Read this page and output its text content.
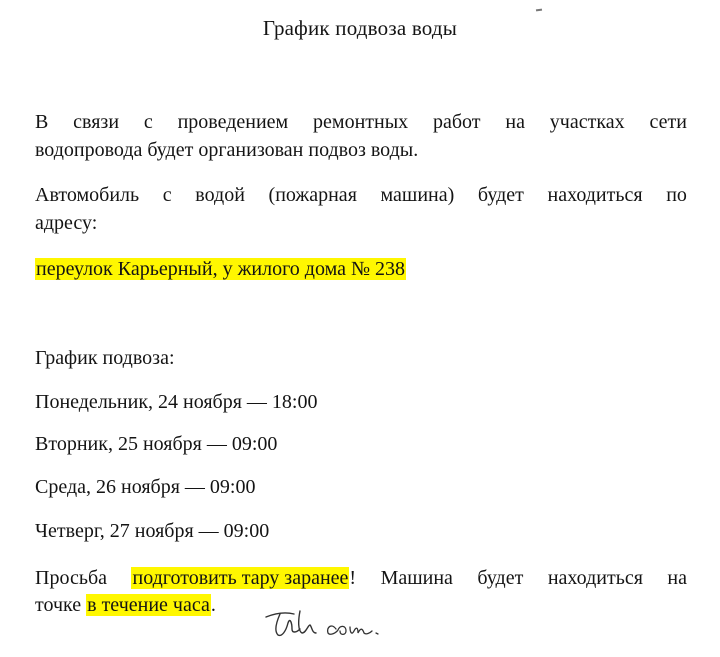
График подвоза воды
В связи с проведением ремонтных работ на участках сети
водопровода будет организован подвоз воды.
Автомобиль с водой (пожарная машина) будет находиться по
адресу:
переулок Карьерный, у жилого дома № 238
График подвоза:
Понедельник, 24 ноября — 18:00
Вторник, 25 ноября — 09:00
Среда, 26 ноября — 09:00
Четверг, 27 ноября — 09:00
Просьба подготовить тару заранее! Машина будет находиться на
точке в течение часа.
